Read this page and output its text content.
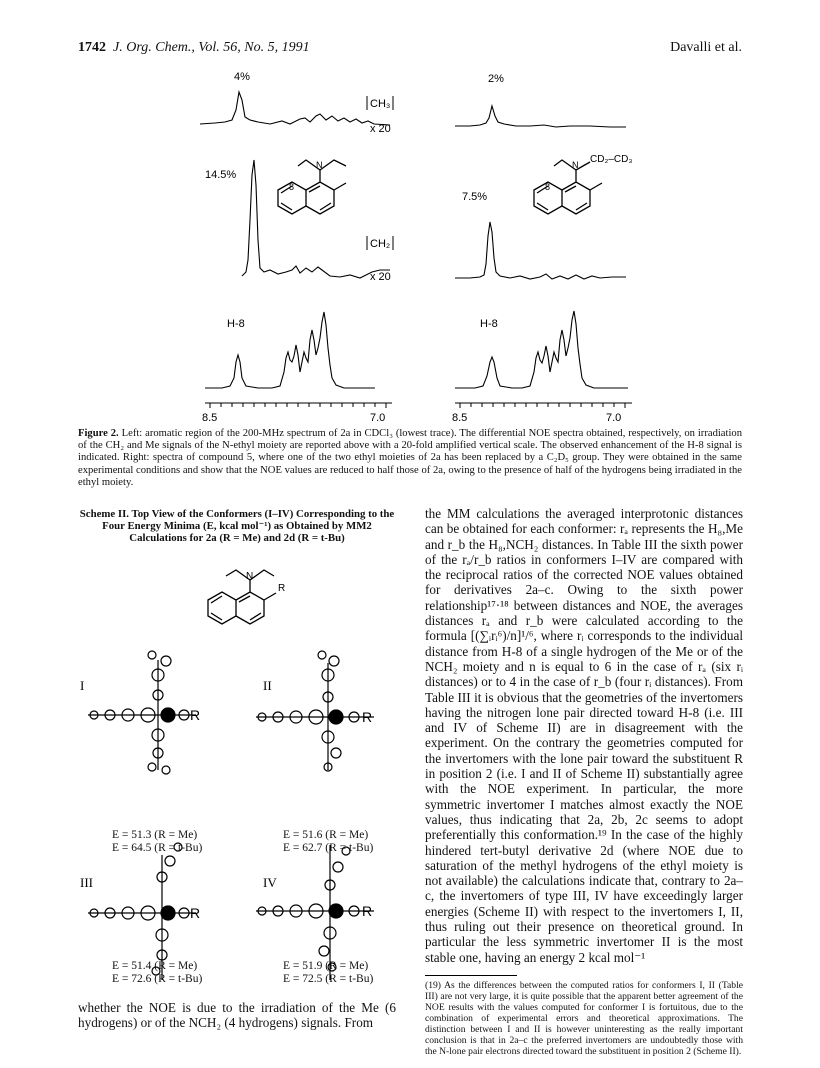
1742 J. Org. Chem., Vol. 56, No. 5, 1991	Davalli et al.
8
N
4%
CH₃
x 20
14.5%
CH₂
x 20
H-8
8.5	7.0
2%
7.5%
8
N CD₂–CD₃
H-8
8.5	7.0
Figure 2. Left: aromatic region of the 200-MHz spectrum of 2a in CDCl₃ (lowest trace). The differential NOE spectra obtained, respectively, on irradiation of the CH₂ and Me signals of the N-ethyl moiety are reported above with a 20-fold amplified vertical scale. The observed enhancement of the H-8 signal is indicated. Right: spectra of compound 5, where one of the two ethyl moieties of 2a has been replaced by a C₂D₅ group. They were obtained in the same experimental conditions and show that the NOE values are reduced to half those of 2a, owing to the presence of half of the hydrogens being irradiated in the ethyl moiety.
Scheme II. Top View of the Conformers (I–IV) Corresponding to the Four Energy Minima (E, kcal mol⁻¹) as Obtained by MM2 Calculations for 2a (R = Me) and 2d (R = t-Bu)
N
R
R
I
R
II
R
III
R
IV
E = 51.3 (R = Me)
E = 64.5 (R = t-Bu)
E = 51.6 (R = Me)
E = 62.7 (R = t-Bu)
E = 51.4 (R = Me)
E = 72.6 (R = t-Bu)
E = 51.9 (R = Me)
E = 72.5 (R = t-Bu)
whether the NOE is due to the irradiation of the Me (6 hydrogens) or of the NCH₂ (4 hydrogens) signals. From
the MM calculations the averaged interprotonic distances can be obtained for each conformer: rₐ represents the H₈,Me and r_b the H₈,NCH₂ distances. In Table III the sixth power of the rₐ/r_b ratios in conformers I–IV are compared with the reciprocal ratios of the corrected NOE values obtained for derivatives 2a–c. Owing to the sixth power relationship¹⁷·¹⁸ between distances and NOE, the averages distances rₐ and r_b were calculated according to the formula [(∑ᵢrᵢ⁶)/n]¹/⁶, where rᵢ corresponds to the individual distance from H-8 of a single hydrogen of the Me or of the NCH₂ moiety and n is equal to 6 in the case of rₐ (six rᵢ distances) or to 4 in the case of r_b (four rᵢ distances). From Table III it is obvious that the geometries of the invertomers having the nitrogen lone pair directed toward H-8 (i.e. III and IV of Scheme II) are in disagreement with the experiment. On the contrary the geometries computed for the invertomers with the lone pair toward the substituent R in position 2 (i.e. I and II of Scheme II) substantially agree with the NOE experiment. In particular, the more symmetric invertomer I matches almost exactly the NOE values, thus indicating that 2a, 2b, 2c seems to adopt preferentially this conformation.¹⁹ In the case of the highly hindered tert-butyl derivative 2d (where NOE due to saturation of the methyl hydrogens of the ethyl moiety is not available) the calculations indicate that, contrary to 2a–c, the invertomers of type III, IV have exceedingly larger energies (Scheme II) with respect to the invertomers I, II, thus ruling out their presence on theoretical ground. In particular the less symmetric invertomer II is the most stable one, having an energy 2 kcal mol⁻¹
(19) As the differences between the computed ratios for conformers I, II (Table III) are not very large, it is quite possible that the apparent better agreement of the NOE results with the values computed for conformer I is fortuitous, due to the combination of experimental errors and theoretical approximations. The distinction between I and II is however uninteresting as the really important conclusion is that in 2a–c the preferred invertomers are undoubtedly those with the N-lone pair electrons directed toward the substituent in position 2 (Scheme II).
